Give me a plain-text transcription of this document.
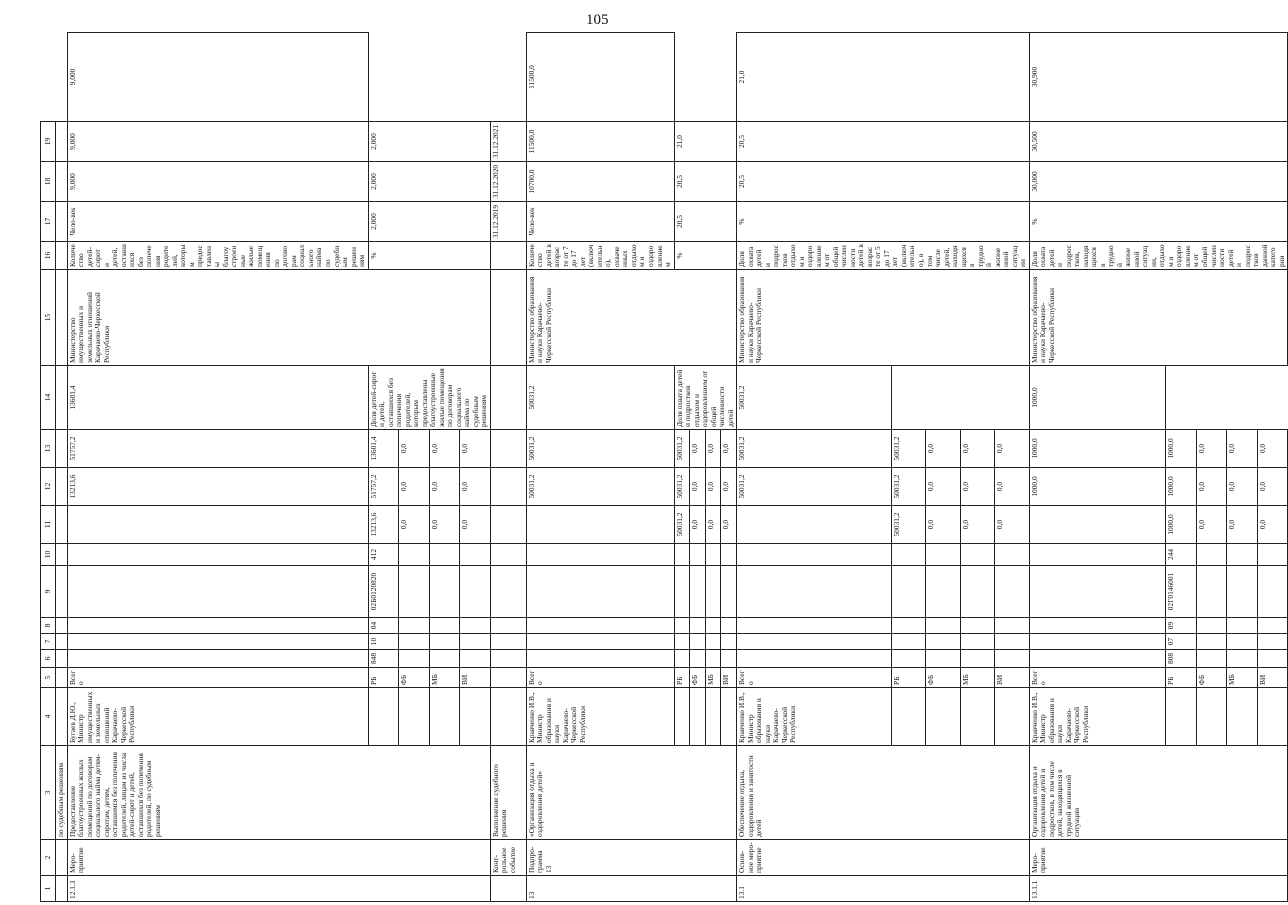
105
1	2	3	4	5	6	7	8	9	10	11	12	13	14	15	16	17	18	19	
		по судебным решениям																	
12.1.3	Меро-приятие	Предоставление благоустроенных жилых помещений по договорам социального найма детям-сиротам, детям, оставшимся без попечения родителей, лицам из числа детей-сирот и детей, оставшихся без попечения родителей, по судебным решениям	Бугаев Д.Ю., Министр имущественных и земельных отношений Карачаево-Черкесской Республики	Всего							13213,6	51757,2	13601,4	Министерство имущественных и земельных отношений Карачаево-Черкесской Республики	Количество детей-сирот и детей, оставшихся без попечения родителей, которым предоставлены благоустроенные жилые помещения по договорам социального найма по судебным решениям	Чело-век	9,000	9,000	9,000
				РБ	848	10	04	02Б0120820	412	13213,6	51757,2	13601,4	Доля детей-сирот и детей, оставшихся без попечения родителей, которым предоставлены благоустроенные жилые помещения по договорам социального найма по судебным решениям		%	2,000	2,000	2,000	
				ФБ						0,0	0,0	0,0							
				МБ						0,0	0,0	0,0							
				ВИ						0,0	0,0	0,0							
	Конт-рольное событие	Выполнение судебного решения														31.12.2019	31.12.2020	31.12.2021	
13	Подпро-грамма 13	«Организация отдыха и оздоровления детей»	Кравченко И.В., Министр образования и науки Карачаево-Черкесской Республики	Всего							50031,2	50031,2	50031,2	Министерство образования и науки Карачаево-Черкесской Республики	Количество детей в возрасте от 7 до 17 лет (включительно), охваченных отдыхом и оздоровлением	Чело-век	10700,0	11500,0	11500,0
				РБ						50031,2	50031,2	50031,2	Доля охвата детей и подростков отдыхом и оздоровлением от общей численности детей		%	20,5	20,5	21,0	
				ФБ						0,0	0,0	0,0							
				МБ						0,0	0,0	0,0							
				ВИ						0,0	0,0	0,0							
13.1	Основ-ное меро-приятие	Обеспечение отдыха, оздоровления и занятости детей	Кравченко И.В., Министр образования и науки Карачаево-Черкесской Республики	Всего							50031,2	50031,2	50031,2	Министерство образования и науки Карачаево-Черкесской Республики	Доля охвата детей и подростков отдыхом и оздоровлением от общей численности детей в возрасте от 5 до 17 лет (включительно), в том числе детей, находящихся в трудной жизненной ситуации	%	20,5	20,5	21,0
				РБ						50031,2	50031,2	50031,2							
				ФБ						0,0	0,0	0,0							
				МБ						0,0	0,0	0,0							
				ВИ						0,0	0,0	0,0							
13.1.1	Меро-приятие	Организация отдыха и оздоровления детей и подростков, в том числе детей, находящихся в трудной жизненной ситуации	Кравченко И.В., Министр образования и науки Карачаево-Черкесской Республики	Всего							1000,0	1000,0	1000,0	Министерство образования и науки Карачаево-Черкесской Республики	Доля охвата детей и подростков, находящихся в трудной жизненной ситуации, отдыхом и оздоровлением от общей численности детей и подростков данной категории	%	30,000	30,500	30,900
				РБ	808	07	09	02Г0146001	244	1000,0	1000,0	1000,0							
				ФБ						0,0	0,0	0,0							
				МБ						0,0	0,0	0,0							
				ВИ						0,0	0,0	0,0							
